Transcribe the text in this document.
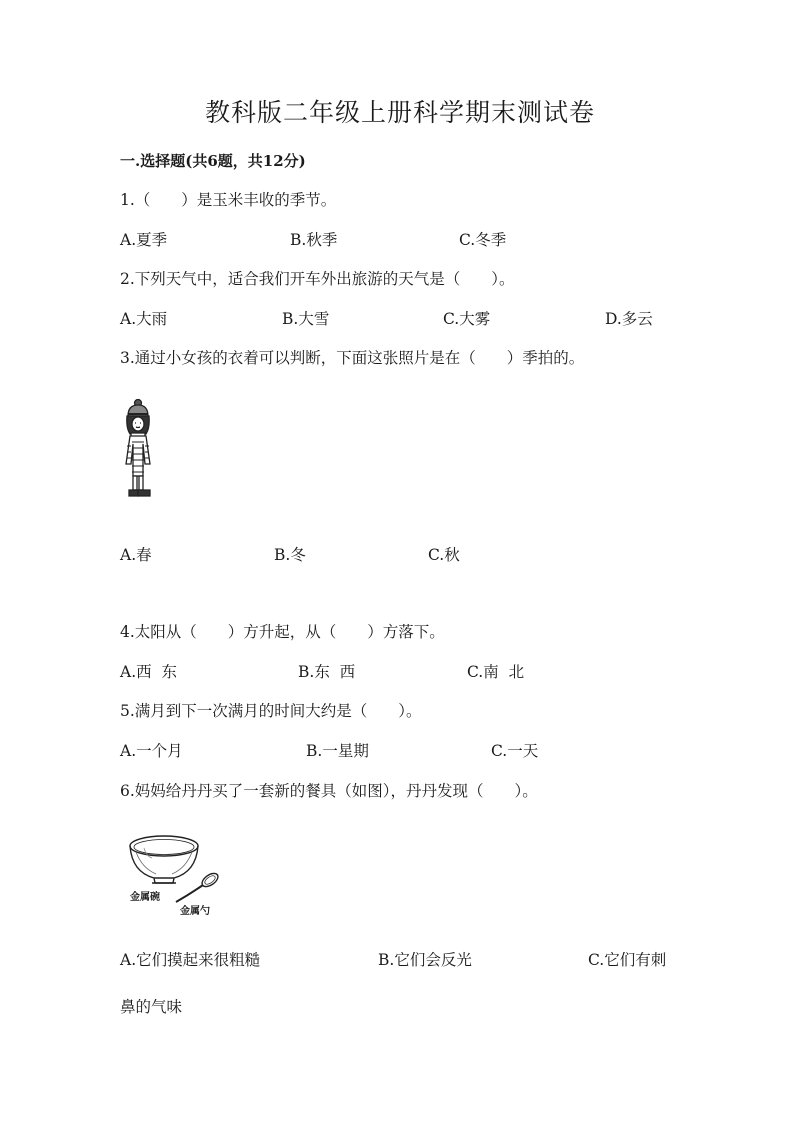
教科版二年级上册科学期末测试卷
一.选择题(共6题，共12分)
1.（　　）是玉米丰收的季节。
A.夏季	B.秋季	C.冬季
2.下列天气中，适合我们开车外出旅游的天气是（　　）。
A.大雨	B.大雪	C.大雾	D.多云
3.通过小女孩的衣着可以判断，下面这张照片是在（　　）季拍的。
A.春	B.冬	C.秋
4.太阳从（　　）方升起，从（　　）方落下。
A.西  东	B.东  西	C.南  北
5.满月到下一次满月的时间大约是（　　）。
A.一个月	B.一星期	C.一天
6.妈妈给丹丹买了一套新的餐具（如图），丹丹发现（　　）。
金属碗
金属勺
A.它们摸起来很粗糙	B.它们会反光	C.它们有刺
鼻的气味
